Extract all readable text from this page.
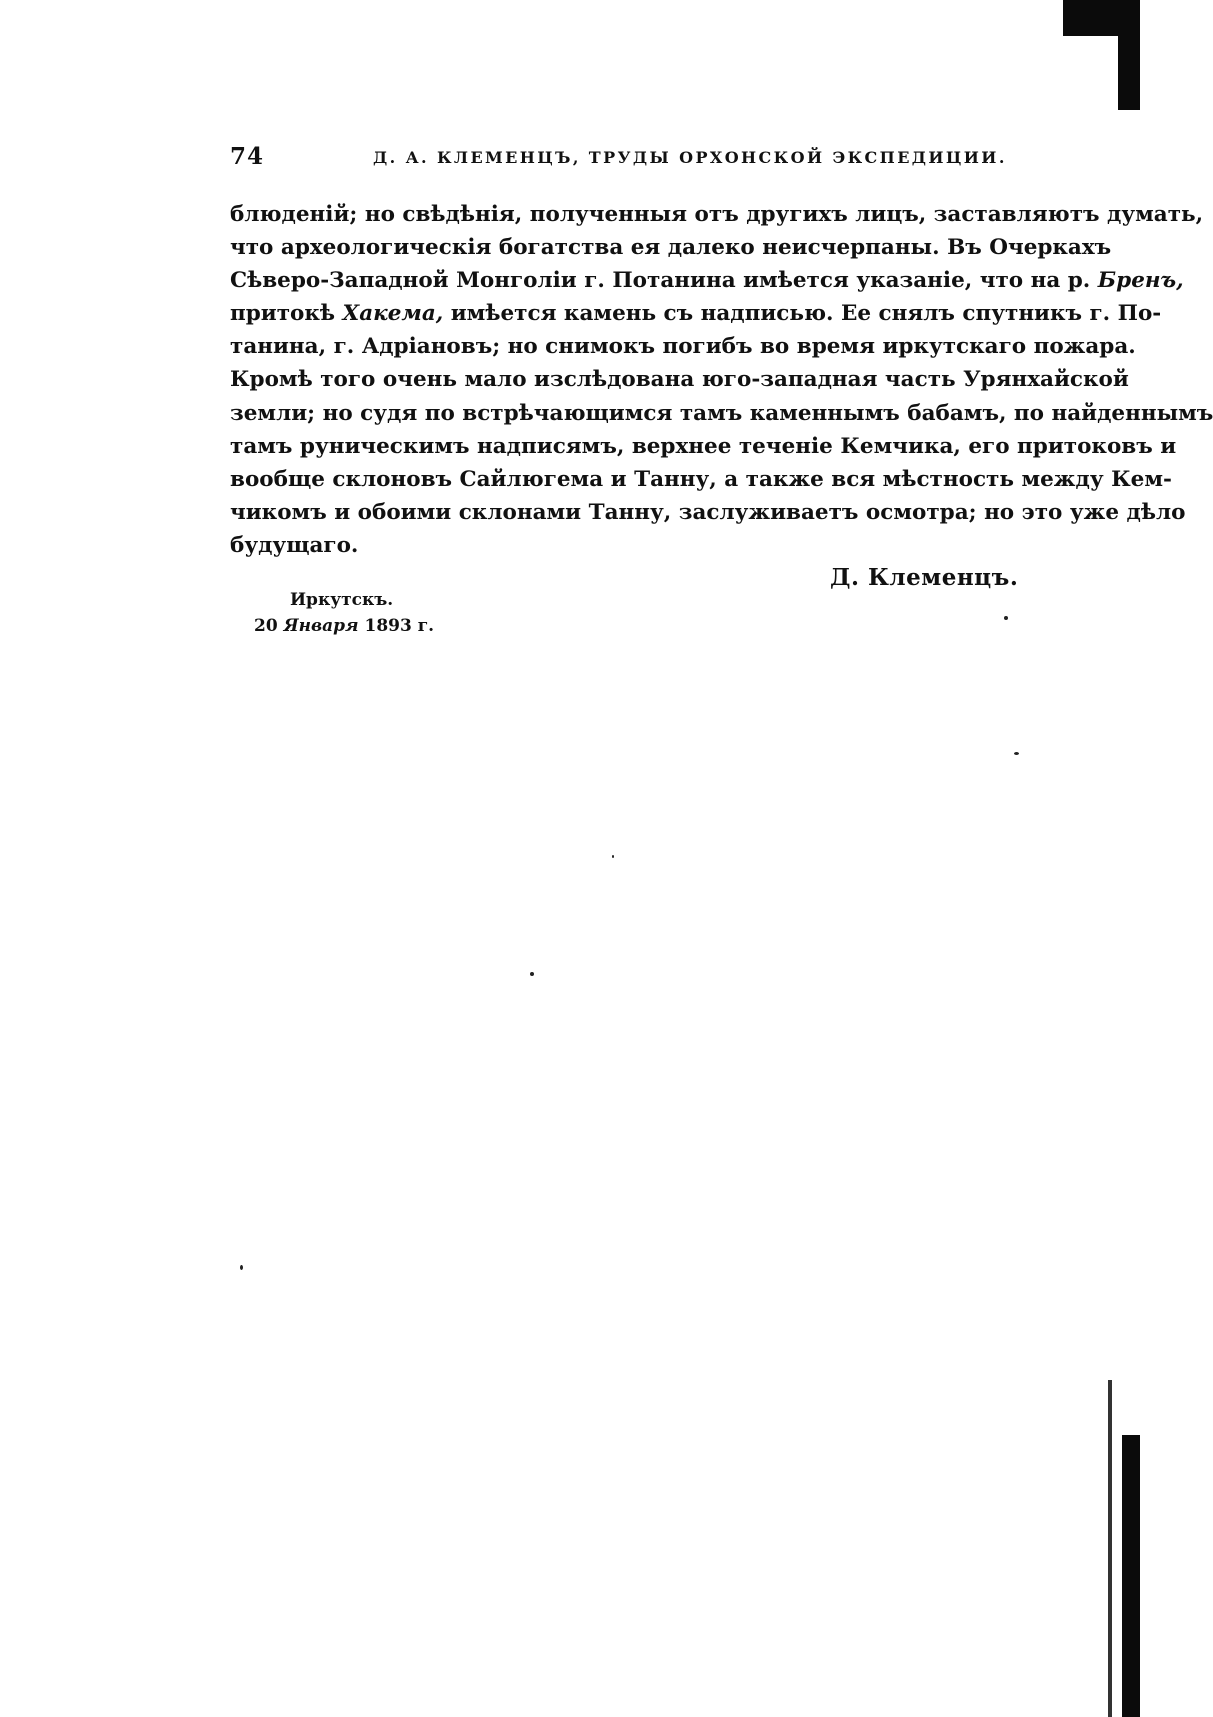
74	Д. А. КЛЕМЕНЦЪ, ТРУДЫ ОРХОНСКОЙ ЭКСПЕДИЦИИ.
блюденій; но свѣдѣнія, полученныя отъ другихъ лицъ, заставляютъ думать,
что археологическія богатства ея далеко неисчерпаны. Въ Очеркахъ
Сѣверо-Западной Монголіи г. Потанина имѣется указаніе, что на р. Бренъ,
притокѣ Хакема, имѣется камень съ надписью. Ее снялъ спутникъ г. По-
танина, г. Адріановъ; но снимокъ погибъ во время иркутскаго пожара.
Кромѣ того очень мало изслѣдована юго-западная часть Урянхайской
земли; но судя по встрѣчающимся тамъ каменнымъ бабамъ, по найденнымъ
тамъ руническимъ надписямъ, верхнее теченіе Кемчика, его притоковъ и
вообще склоновъ Сайлюгема и Танну, а также вся мѣстность между Кем-
чикомъ и обоими склонами Танну, заслуживаетъ осмотра; но это уже дѣло
будущаго.
Д. Клеменцъ.
Иркутскъ.
20 Января 1893 г.
